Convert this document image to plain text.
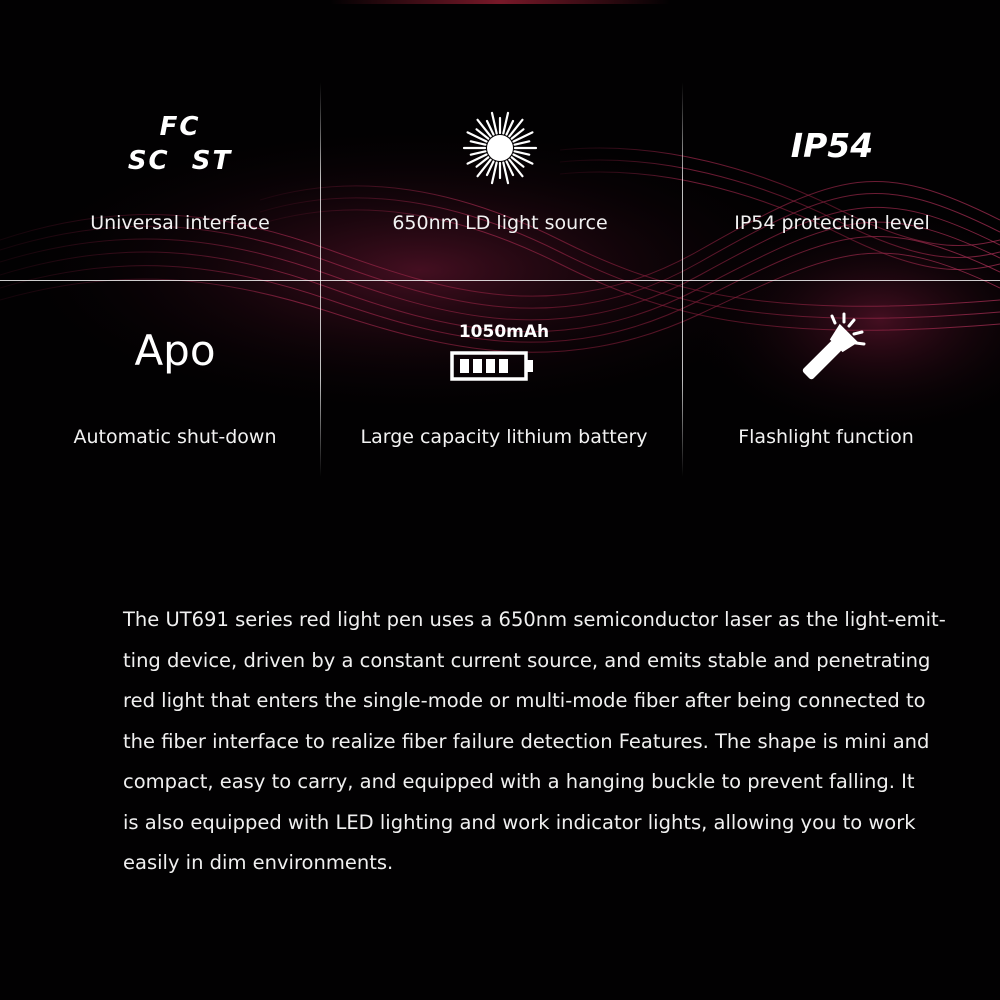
FC
SC  ST
Universal interface	650nm LD light source
IP54
IP54 protection level
Apo
Automatic shut-down
1050mAh
Large capacity lithium battery	Flashlight function
The UT691 series red light pen uses a 650nm semiconductor laser as the light-emit-
ting device, driven by a constant current source, and emits stable and penetrating
red light that enters the single-mode or multi-mode fiber after being connected to
the fiber interface to realize fiber failure detection Features. The shape is mini and
compact, easy to carry, and equipped with a hanging buckle to prevent falling. It
is also equipped with LED lighting and work indicator lights, allowing you to work
easily in dim environments.
